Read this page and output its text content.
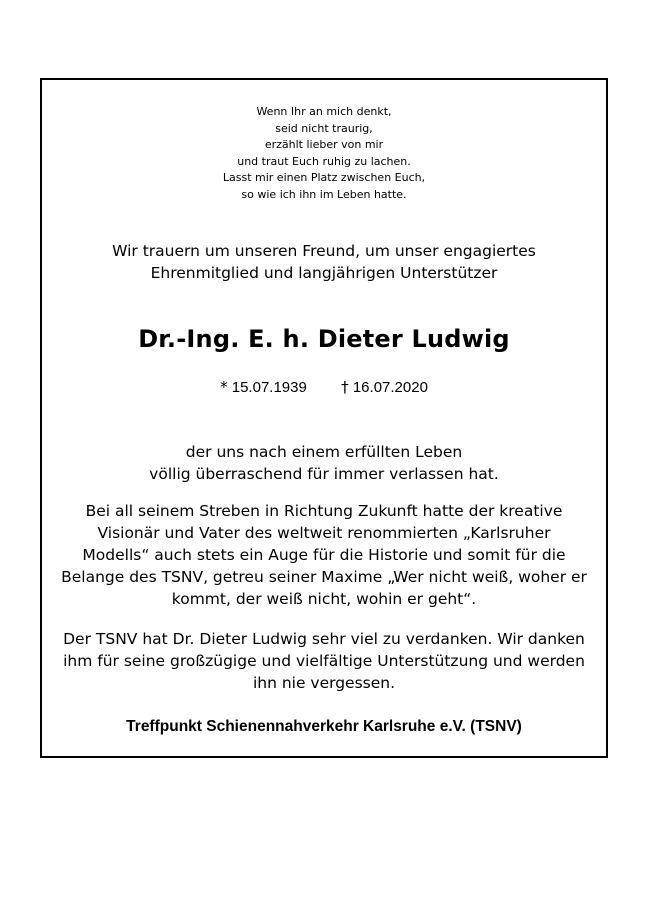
Wenn Ihr an mich denkt,
seid nicht traurig,
erzählt lieber von mir
und traut Euch ruhig zu lachen.
Lasst mir einen Platz zwischen Euch,
so wie ich ihn im Leben hatte.
Wir trauern um unseren Freund, um unser engagiertes
Ehrenmitglied und langjährigen Unterstützer
Dr.-Ing. E. h. Dieter Ludwig
* 15.07.1939 † 16.07.2020
der uns nach einem erfüllten Leben
völlig überraschend für immer verlassen hat.
Bei all seinem Streben in Richtung Zukunft hatte der kreative
Visionär und Vater des weltweit renommierten „Karlsruher
Modells“ auch stets ein Auge für die Historie und somit für die
Belange des TSNV, getreu seiner Maxime „Wer nicht weiß, woher er
kommt, der weiß nicht, wohin er geht“.
Der TSNV hat Dr. Dieter Ludwig sehr viel zu verdanken. Wir danken
ihm für seine großzügige und vielfältige Unterstützung und werden
ihn nie vergessen.
Treffpunkt Schienennahverkehr Karlsruhe e.V. (TSNV)
